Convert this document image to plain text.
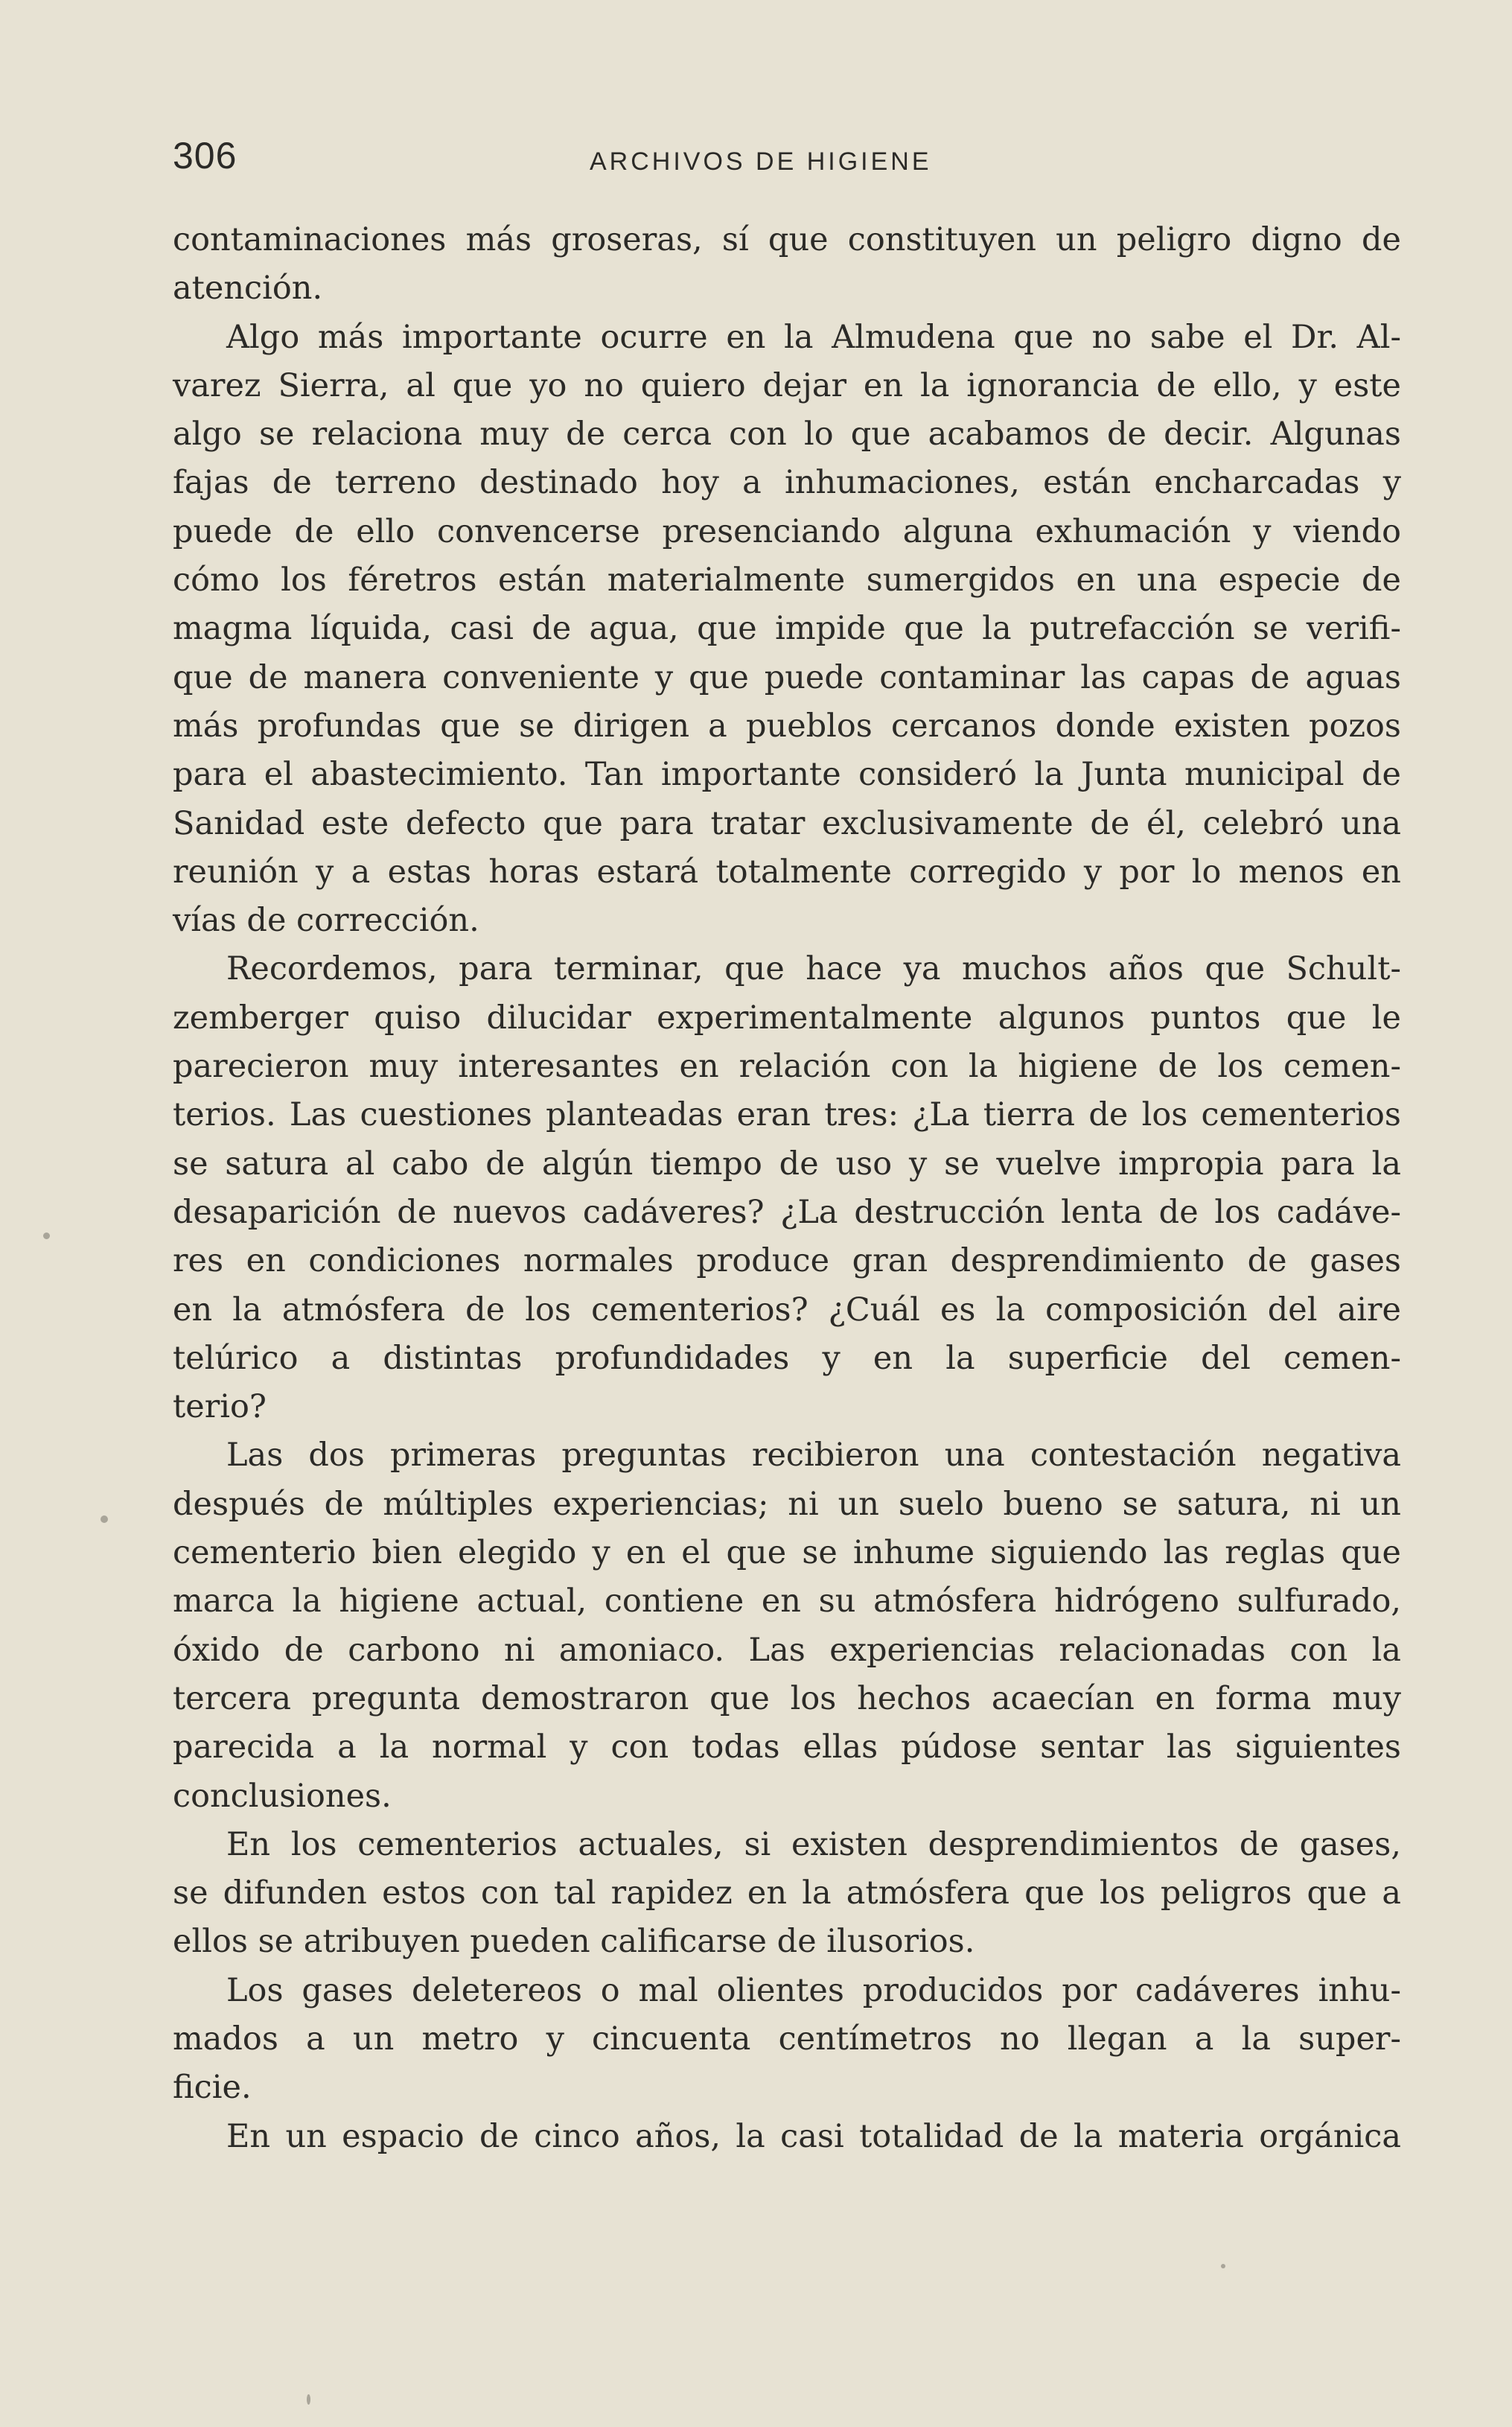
306	ARCHIVOS DE HIGIENE

contaminaciones más groseras, sí que constituyen un peligro digno de
atención.

Algo más importante ocurre en la Almudena que no sabe el Dr. Al-
varez Sierra, al que yo no quiero dejar en la ignorancia de ello, y este
algo se relaciona muy de cerca con lo que acabamos de decir. Algunas
fajas de terreno destinado hoy a inhumaciones, están encharcadas y
puede de ello convencerse presenciando alguna exhumación y viendo
cómo los féretros están materialmente sumergidos en una especie de
magma líquida, casi de agua, que impide que la putrefacción se verifi-
que de manera conveniente y que puede contaminar las capas de aguas
más profundas que se dirigen a pueblos cercanos donde existen pozos
para el abastecimiento. Tan importante consideró la Junta municipal de
Sanidad este defecto que para tratar exclusivamente de él, celebró una
reunión y a estas horas estará totalmente corregido y por lo menos en
vías de corrección.

Recordemos, para terminar, que hace ya muchos años que Schult-
zemberger quiso dilucidar experimentalmente algunos puntos que le
parecieron muy interesantes en relación con la higiene de los cemen-
terios. Las cuestiones planteadas eran tres: ¿La tierra de los cementerios
se satura al cabo de algún tiempo de uso y se vuelve impropia para la
desaparición de nuevos cadáveres? ¿La destrucción lenta de los cadáve-
res en condiciones normales produce gran desprendimiento de gases
en la atmósfera de los cementerios? ¿Cuál es la composición del aire
telúrico a distintas profundidades y en la superficie del cemen-
terio?

Las dos primeras preguntas recibieron una contestación negativa
después de múltiples experiencias; ni un suelo bueno se satura, ni un
cementerio bien elegido y en el que se inhume siguiendo las reglas que
marca la higiene actual, contiene en su atmósfera hidrógeno sulfurado,
óxido de carbono ni amoniaco. Las experiencias relacionadas con la
tercera pregunta demostraron que los hechos acaecían en forma muy
parecida a la normal y con todas ellas púdose sentar las siguientes
conclusiones.

En los cementerios actuales, si existen desprendimientos de gases,
se difunden estos con tal rapidez en la atmósfera que los peligros que a
ellos se atribuyen pueden calificarse de ilusorios.

Los gases deletereos o mal olientes producidos por cadáveres inhu-
mados a un metro y cincuenta centímetros no llegan a la super-
ficie.

En un espacio de cinco años, la casi totalidad de la materia orgánica
